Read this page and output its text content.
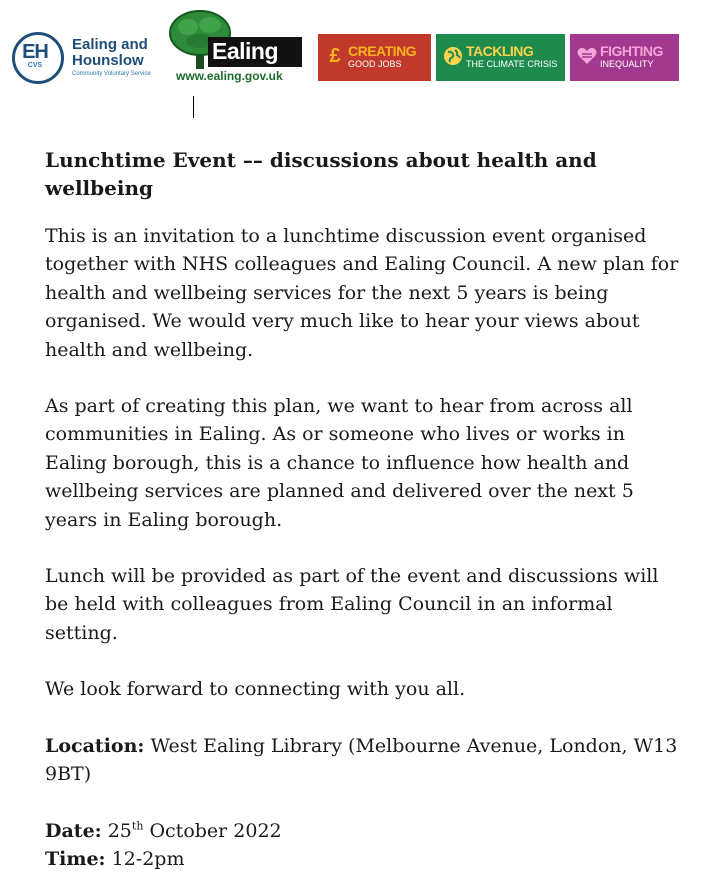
EH
CVS
Ealing and
Hounslow
Community Voluntary Service
Ealing
www.ealing.gov.uk
£ CREATING
GOOD JOBS
TACKLING
THE CLIMATE CRISIS
FIGHTING
INEQUALITY
Lunchtime Event –– discussions about health and wellbeing

This is an invitation to a lunchtime discussion event organised together with NHS colleagues and Ealing Council. A new plan for health and wellbeing services for the next 5 years is being organised. We would very much like to hear your views about health and wellbeing.

As part of creating this plan, we want to hear from across all communities in Ealing. As or someone who lives or works in Ealing borough, this is a chance to influence how health and wellbeing services are planned and delivered over the next 5 years in Ealing borough.

Lunch will be provided as part of the event and discussions will be held with colleagues from Ealing Council in an informal setting.

We look forward to connecting with you all.

Location: West Ealing Library (Melbourne Avenue, London, W13 9BT)

Date: 25th October 2022

Time: 12-2pm
